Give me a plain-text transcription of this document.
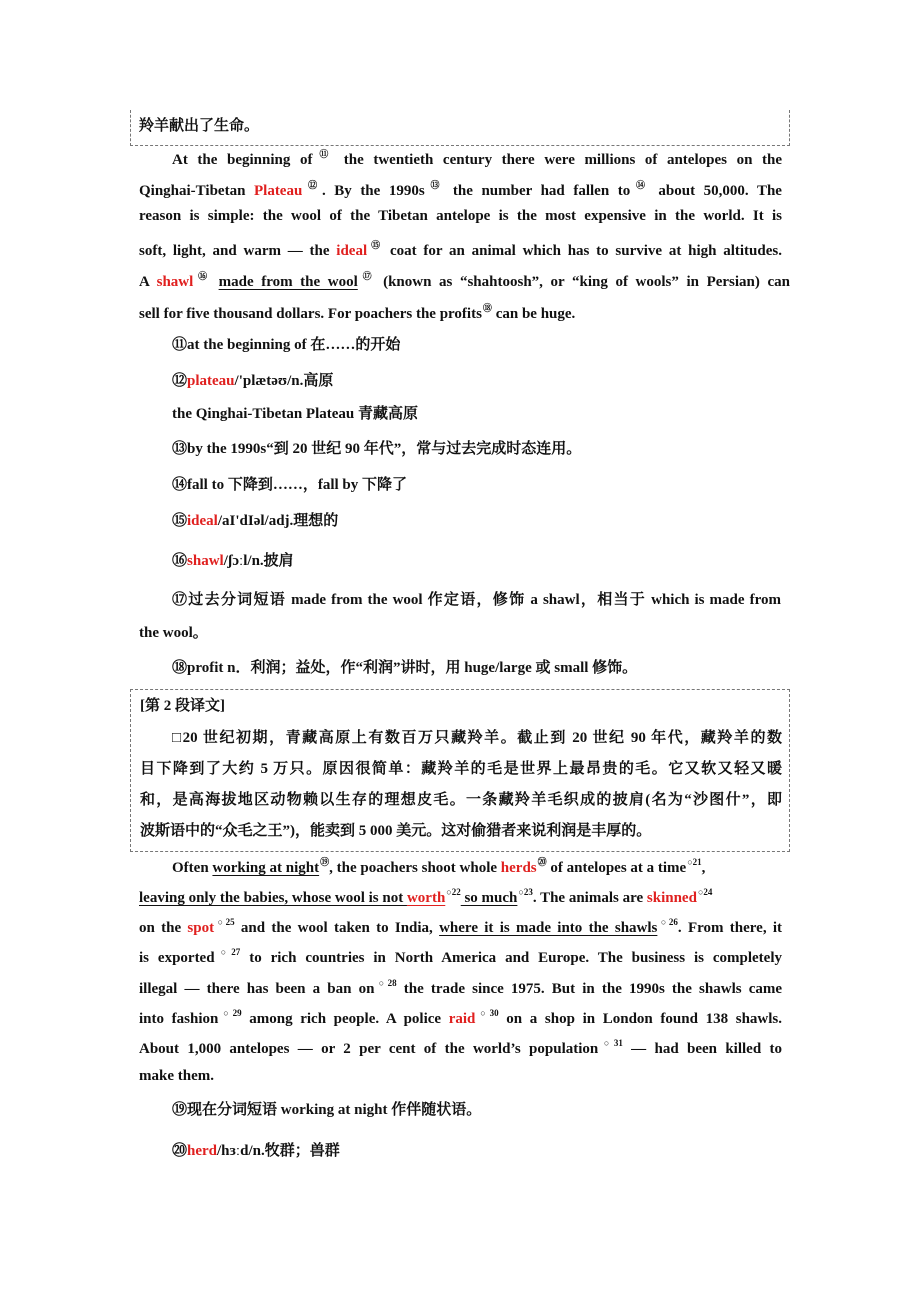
羚羊献出了生命。
At the beginning of⑪ the twentieth century there were millions of antelopes on the
Qinghai-Tibetan Plateau⑫. By the 1990s⑬ the number had fallen to⑭ about 50,000. The
reason is simple: the wool of the Tibetan antelope is the most expensive in the world. It is
soft, light, and warm — the ideal⑮ coat for an animal which has to survive at high altitudes.
A shawl⑯ made from the wool⑰ (known as “shahtoosh”, or “king of wools” in Persian) can
sell for five thousand dollars. For poachers the profits⑱ can be huge.
⑪at the beginning of 在……的开始
⑫plateau/'plætəʊ/n.高原
the Qinghai-Tibetan Plateau 青藏高原
⑬by the 1990s“到 20 世纪 90 年代”，常与过去完成时态连用。
⑭fall to 下降到……，fall by 下降了
⑮ideal/aI'dIəl/adj.理想的
⑯shawl/ʃɔːl/n.披肩
⑰过去分词短语 made from the wool 作定语，修饰 a shawl，相当于 which is made from
the wool。
⑱profit n．利润；益处，作“利润”讲时，用 huge/large 或 small 修饰。
[第 2 段译文]
□20 世纪初期，青藏高原上有数百万只藏羚羊。截止到 20 世纪 90 年代，藏羚羊的数
目下降到了大约 5 万只。原因很简单：藏羚羊的毛是世界上最昂贵的毛。它又软又轻又暖
和，是高海拔地区动物赖以生存的理想皮毛。一条藏羚羊毛织成的披肩(名为“沙图什”，即
波斯语中的“众毛之王”)，能卖到 5 000 美元。这对偷猎者来说利润是丰厚的。
Often working at night⑲, the poachers shoot whole herds⑳ of antelopes at a time$^{○21}$,
leaving only the babies, whose wool is not worth$^{○22}$ so much$^{○23}$. The animals are skinned$^{○24}$
on the spot$^{○25}$ and the wool taken to India, where it is made into the shawls$^{○26}$. From there, it
is exported$^{○27}$ to rich countries in North America and Europe. The business is completely
illegal — there has been a ban $on^{○28}$ the trade since 1975. But in the 1990s the shawls came
into fashion$^{○29}$ among rich people. A police raid$^{○30}$ on a shop in London found 138 shawls.
About 1,000 antelopes — or 2 per cent of the world’s population$^{○31}$ — had been killed to
make them.
⑲现在分词短语 working at night 作伴随状语。
⑳herd/hɜːd/n.牧群；兽群
